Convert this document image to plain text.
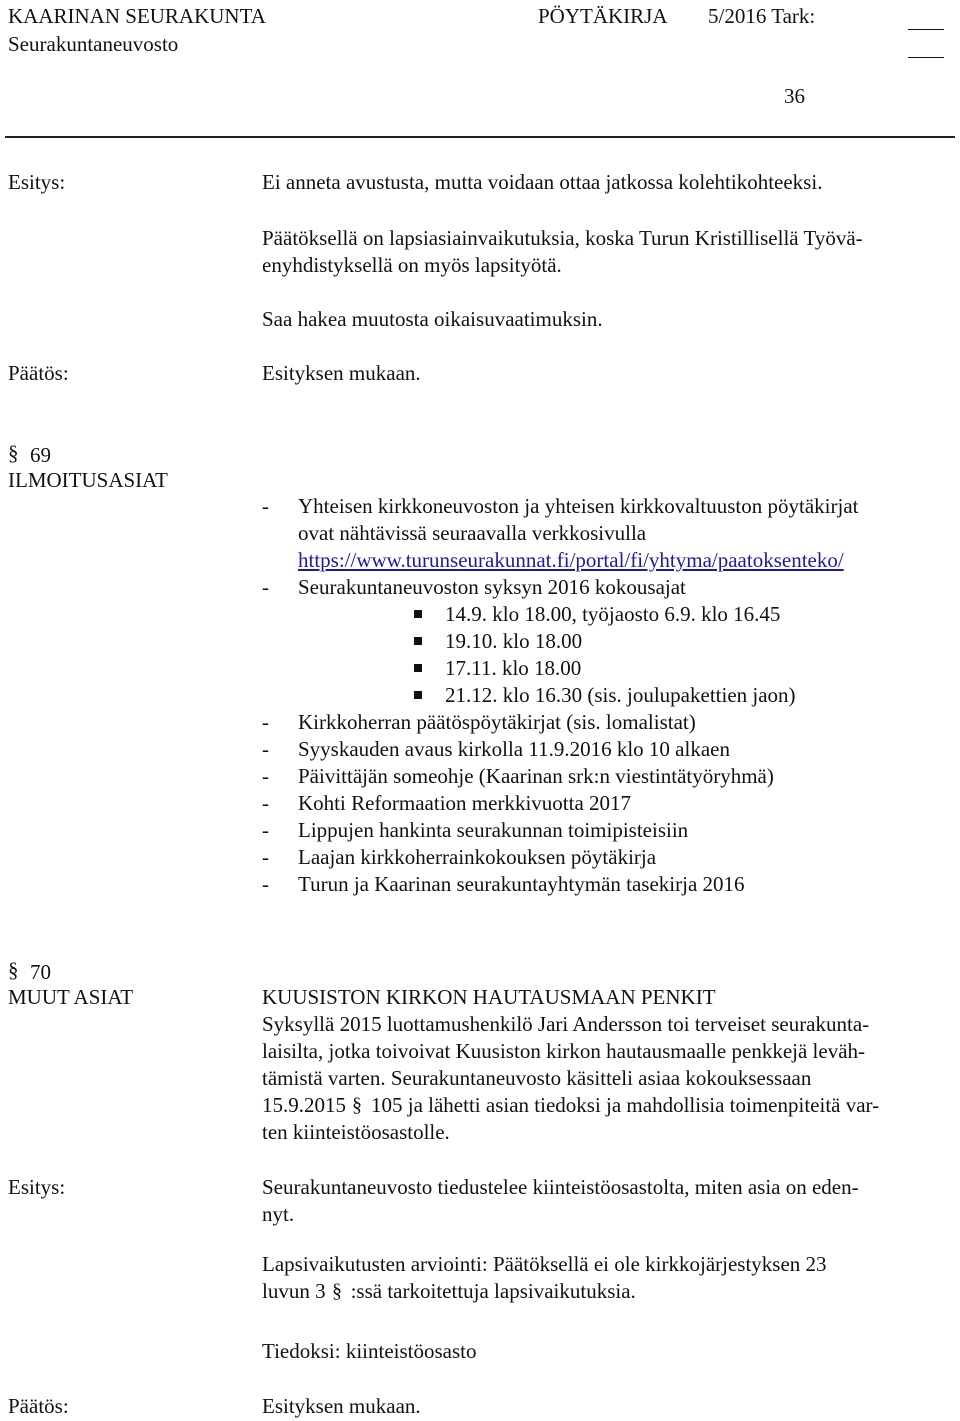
KAARINAN SEURAKUNTA	PÖYTÄKIRJA 5/2016 Tark:
Seurakuntaneuvosto
36
Esitys:	Ei anneta avustusta, mutta voidaan ottaa jatkossa kolehtikohteeksi.
Päätöksellä on lapsiasiainvaikutuksia, koska Turun Kristillisellä Työvä-
enyhdistyksellä on myös lapsityötä.
Saa hakea muutosta oikaisuvaatimuksin.
Päätös:	Esityksen mukaan.
§ 69
ILMOITUSASIAT
- Yhteisen kirkkoneuvoston ja yhteisen kirkkovaltuuston pöytäkirjat
ovat nähtävissä seuraavalla verkkosivulla
https://www.turunseurakunnat.fi/portal/fi/yhtyma/paatoksenteko/
- Seurakuntaneuvoston syksyn 2016 kokousajat
14.9. klo 18.00, työjaosto 6.9. klo 16.45
19.10. klo 18.00
17.11. klo 18.00
21.12. klo 16.30 (sis. joulupakettien jaon)
- Kirkkoherran päätöspöytäkirjat (sis. lomalistat)
- Syyskauden avaus kirkolla 11.9.2016 klo 10 alkaen
- Päivittäjän someohje (Kaarinan srk:n viestintätyöryhmä)
- Kohti Reformaation merkkivuotta 2017
- Lippujen hankinta seurakunnan toimipisteisiin
- Laajan kirkkoherrainkokouksen pöytäkirja
- Turun ja Kaarinan seurakuntayhtymän tasekirja 2016
§ 70
MUUT ASIAT	KUUSISTON KIRKON HAUTAUSMAAN PENKIT
Syksyllä 2015 luottamushenkilö Jari Andersson toi terveiset seurakunta-
laisilta, jotka toivoivat Kuusiston kirkon hautausmaalle penkkejä leväh-
tämistä varten. Seurakuntaneuvosto käsitteli asiaa kokouksessaan
15.9.2015 § 105 ja lähetti asian tiedoksi ja mahdollisia toimenpiteitä var-
ten kiinteistöosastolle.
Esitys:	Seurakuntaneuvosto tiedustelee kiinteistöosastolta, miten asia on eden-
nyt.
Lapsivaikutusten arviointi: Päätöksellä ei ole kirkkojärjestyksen 23
luvun 3 § :ssä tarkoitettuja lapsivaikutuksia.
Tiedoksi: kiinteistöosasto
Päätös:	Esityksen mukaan.
